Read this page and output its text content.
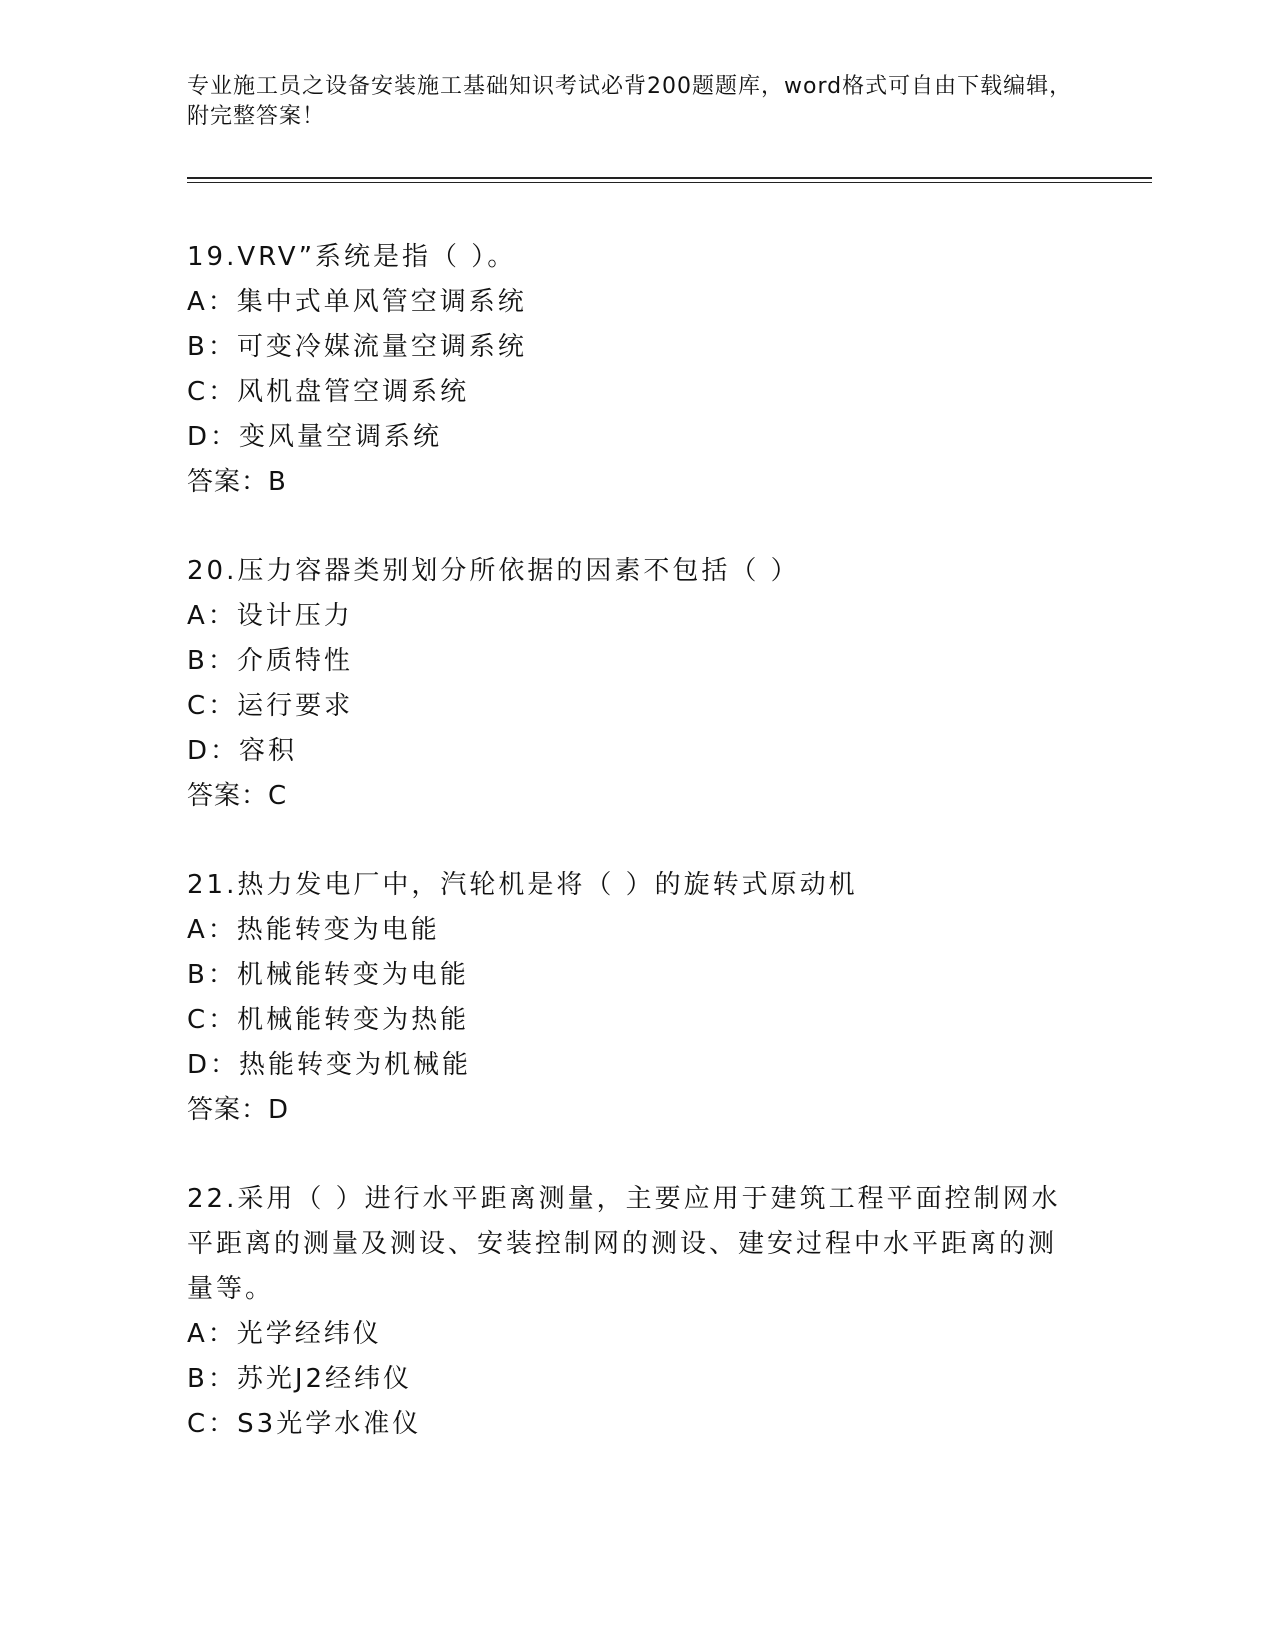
专业施工员之设备安装施工基础知识考试必背200题题库，word格式可自由下载编辑，附完整答案！

19.VRV”系统是指（ ）。

A：集中式单风管空调系统

B：可变冷媒流量空调系统

C：风机盘管空调系统

D：变风量空调系统

答案：B

20.压力容器类别划分所依据的因素不包括（ ）

A：设计压力

B：介质特性

C：运行要求

D：容积

答案：C

21.热力发电厂中，汽轮机是将（ ）的旋转式原动机

A：热能转变为电能

B：机械能转变为电能

C：机械能转变为热能

D：热能转变为机械能

答案：D

22.采用（ ）进行水平距离测量，主要应用于建筑工程平面控制网水平距离的测量及测设、安装控制网的测设、建安过程中水平距离的测量等。

A：光学经纬仪

B：苏光J2经纬仪

C：S3光学水准仪
